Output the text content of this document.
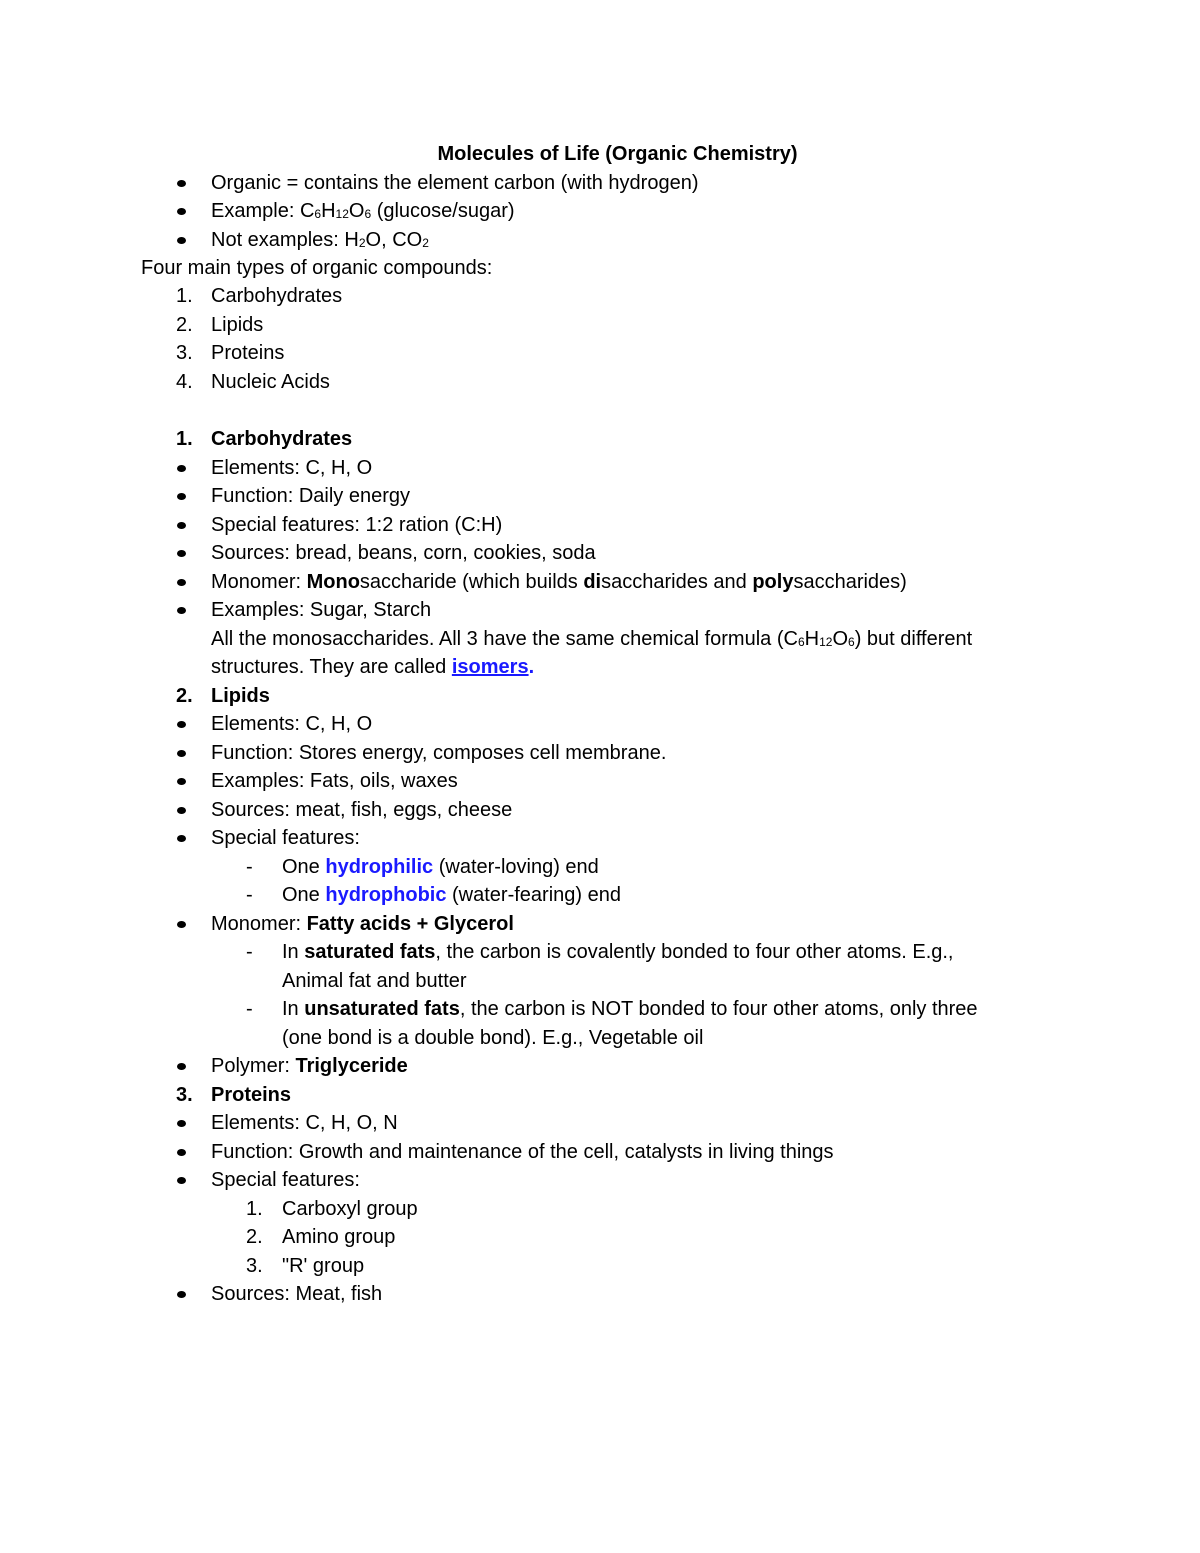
Molecules of Life (Organic Chemistry)
Organic = contains the element carbon (with hydrogen)
Example: $C_6H_{12}O_6$ (glucose/sugar)
Not examples: $H_2O$, $CO_2$
Four main types of organic compounds:
1. Carbohydrates
2. Lipids
3. Proteins
4. Nucleic Acids
1. Carbohydrates
Elements: C, H, O
Function: Daily energy
Special features: 1:2 ration (C:H)
Sources: bread, beans, corn, cookies, soda
Monomer: Monosaccharide (which builds disaccharides and polysaccharides)
Examples: Sugar, Starch
All the monosaccharides. All 3 have the same chemical formula $(C_6H_{12}O_6)$ but different
structures. They are called isomers.
2. Lipids
Elements: C, H, O
Function: Stores energy, composes cell membrane.
Examples: Fats, oils, waxes
Sources: meat, fish, eggs, cheese
Special features:
- One hydrophilic (water-loving) end
- One hydrophobic (water-fearing) end
Monomer: Fatty acids + Glycerol
- In saturated fats, the carbon is covalently bonded to four other atoms. E.g.,
Animal fat and butter
- In unsaturated fats, the carbon is NOT bonded to four other atoms, only three
(one bond is a double bond). E.g., Vegetable oil
Polymer: Triglyceride
3. Proteins
Elements: C, H, O, N
Function: Growth and maintenance of the cell, catalysts in living things
Special features:
1. Carboxyl group
2. Amino group
3. "R' group
Sources: Meat, fish
